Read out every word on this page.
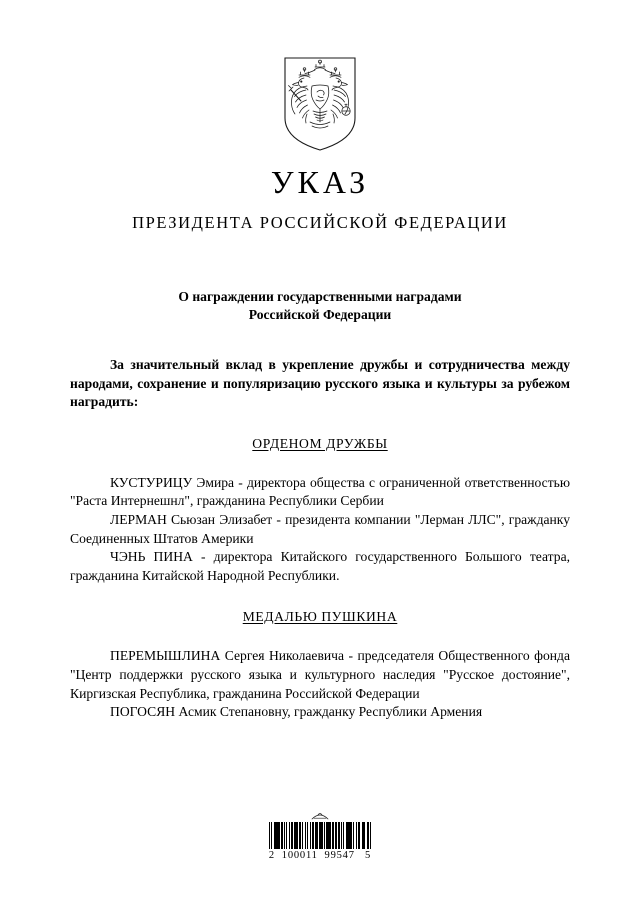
УКАЗ
ПРЕЗИДЕНТА РОССИЙСКОЙ ФЕДЕРАЦИИ
О награждении государственными наградами
Российской Федерации

За значительный вклад в укрепление дружбы и сотрудничества между народами, сохранение и популяризацию русского языка и культуры за рубежом наградить:

ОРДЕНОМ ДРУЖБЫ

КУСТУРИЦУ Эмира - директора общества с ограниченной ответственностью "Раста Интернешнл", гражданина Республики Сербии

ЛЕРМАН Сьюзан Элизабет - президента компании "Лерман ЛЛС", гражданку Соединенных Штатов Америки

ЧЭНЬ ПИНА - директора Китайского государственного Большого театра, гражданина Китайской Народной Республики.

МЕДАЛЬЮ ПУШКИНА

ПЕРЕМЫШЛИНА Сергея Николаевича - председателя Общественного фонда "Центр поддержки русского языка и культурного наследия "Русское достояние", Киргизская Республика, гражданина Российской Федерации

ПОГОСЯН Асмик Степановну, гражданку Республики Армения

2  100011  99547   5
